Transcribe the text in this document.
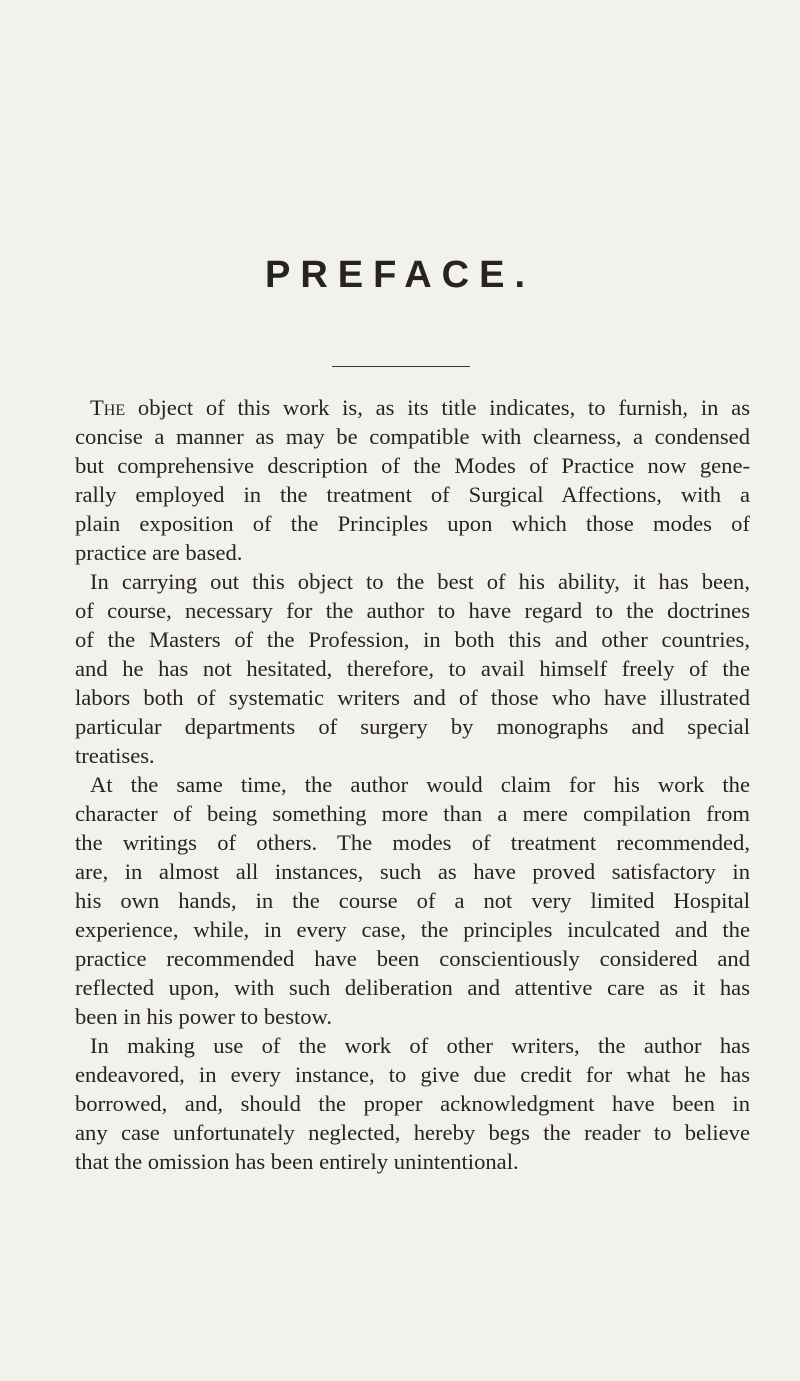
PREFACE.
The object of this work is, as its title indicates, to furnish, in as
concise a manner as may be compatible with clearness, a condensed
but comprehensive description of the Modes of Practice now gene-
rally employed in the treatment of Surgical Affections, with a
plain exposition of the Principles upon which those modes of
practice are based.
In carrying out this object to the best of his ability, it has been,
of course, necessary for the author to have regard to the doctrines
of the Masters of the Profession, in both this and other countries,
and he has not hesitated, therefore, to avail himself freely of the
labors both of systematic writers and of those who have illustrated
particular departments of surgery by monographs and special
treatises.
At the same time, the author would claim for his work the
character of being something more than a mere compilation from
the writings of others. The modes of treatment recommended,
are, in almost all instances, such as have proved satisfactory in
his own hands, in the course of a not very limited Hospital
experience, while, in every case, the principles inculcated and the
practice recommended have been conscientiously considered and
reflected upon, with such deliberation and attentive care as it has
been in his power to bestow.
In making use of the work of other writers, the author has
endeavored, in every instance, to give due credit for what he has
borrowed, and, should the proper acknowledgment have been in
any case unfortunately neglected, hereby begs the reader to believe
that the omission has been entirely unintentional.
